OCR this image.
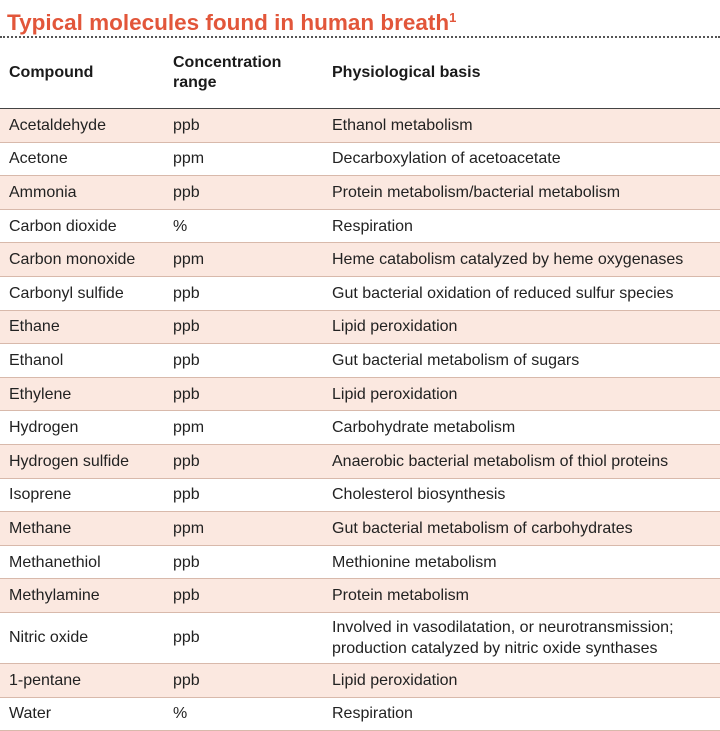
Typical molecules found in human breath$^1$
Compound	Concentration range	Physiological basis
Acetaldehyde	ppb	Ethanol metabolism
Acetone	ppm	Decarboxylation of acetoacetate
Ammonia	ppb	Protein metabolism/bacterial metabolism
Carbon dioxide	%	Respiration
Carbon monoxide	ppm	Heme catabolism catalyzed by heme oxygenases
Carbonyl sulfide	ppb	Gut bacterial oxidation of reduced sulfur species
Ethane	ppb	Lipid peroxidation
Ethanol	ppb	Gut bacterial metabolism of sugars
Ethylene	ppb	Lipid peroxidation
Hydrogen	ppm	Carbohydrate metabolism
Hydrogen sulfide	ppb	Anaerobic bacterial metabolism of thiol proteins
Isoprene	ppb	Cholesterol biosynthesis
Methane	ppm	Gut bacterial metabolism of carbohydrates
Methanethiol	ppb	Methionine metabolism
Methylamine	ppb	Protein metabolism
Nitric oxide	ppb	Involved in vasodilatation, or neurotransmission; production catalyzed by nitric oxide synthases
1-pentane	ppb	Lipid peroxidation
Water	%	Respiration
